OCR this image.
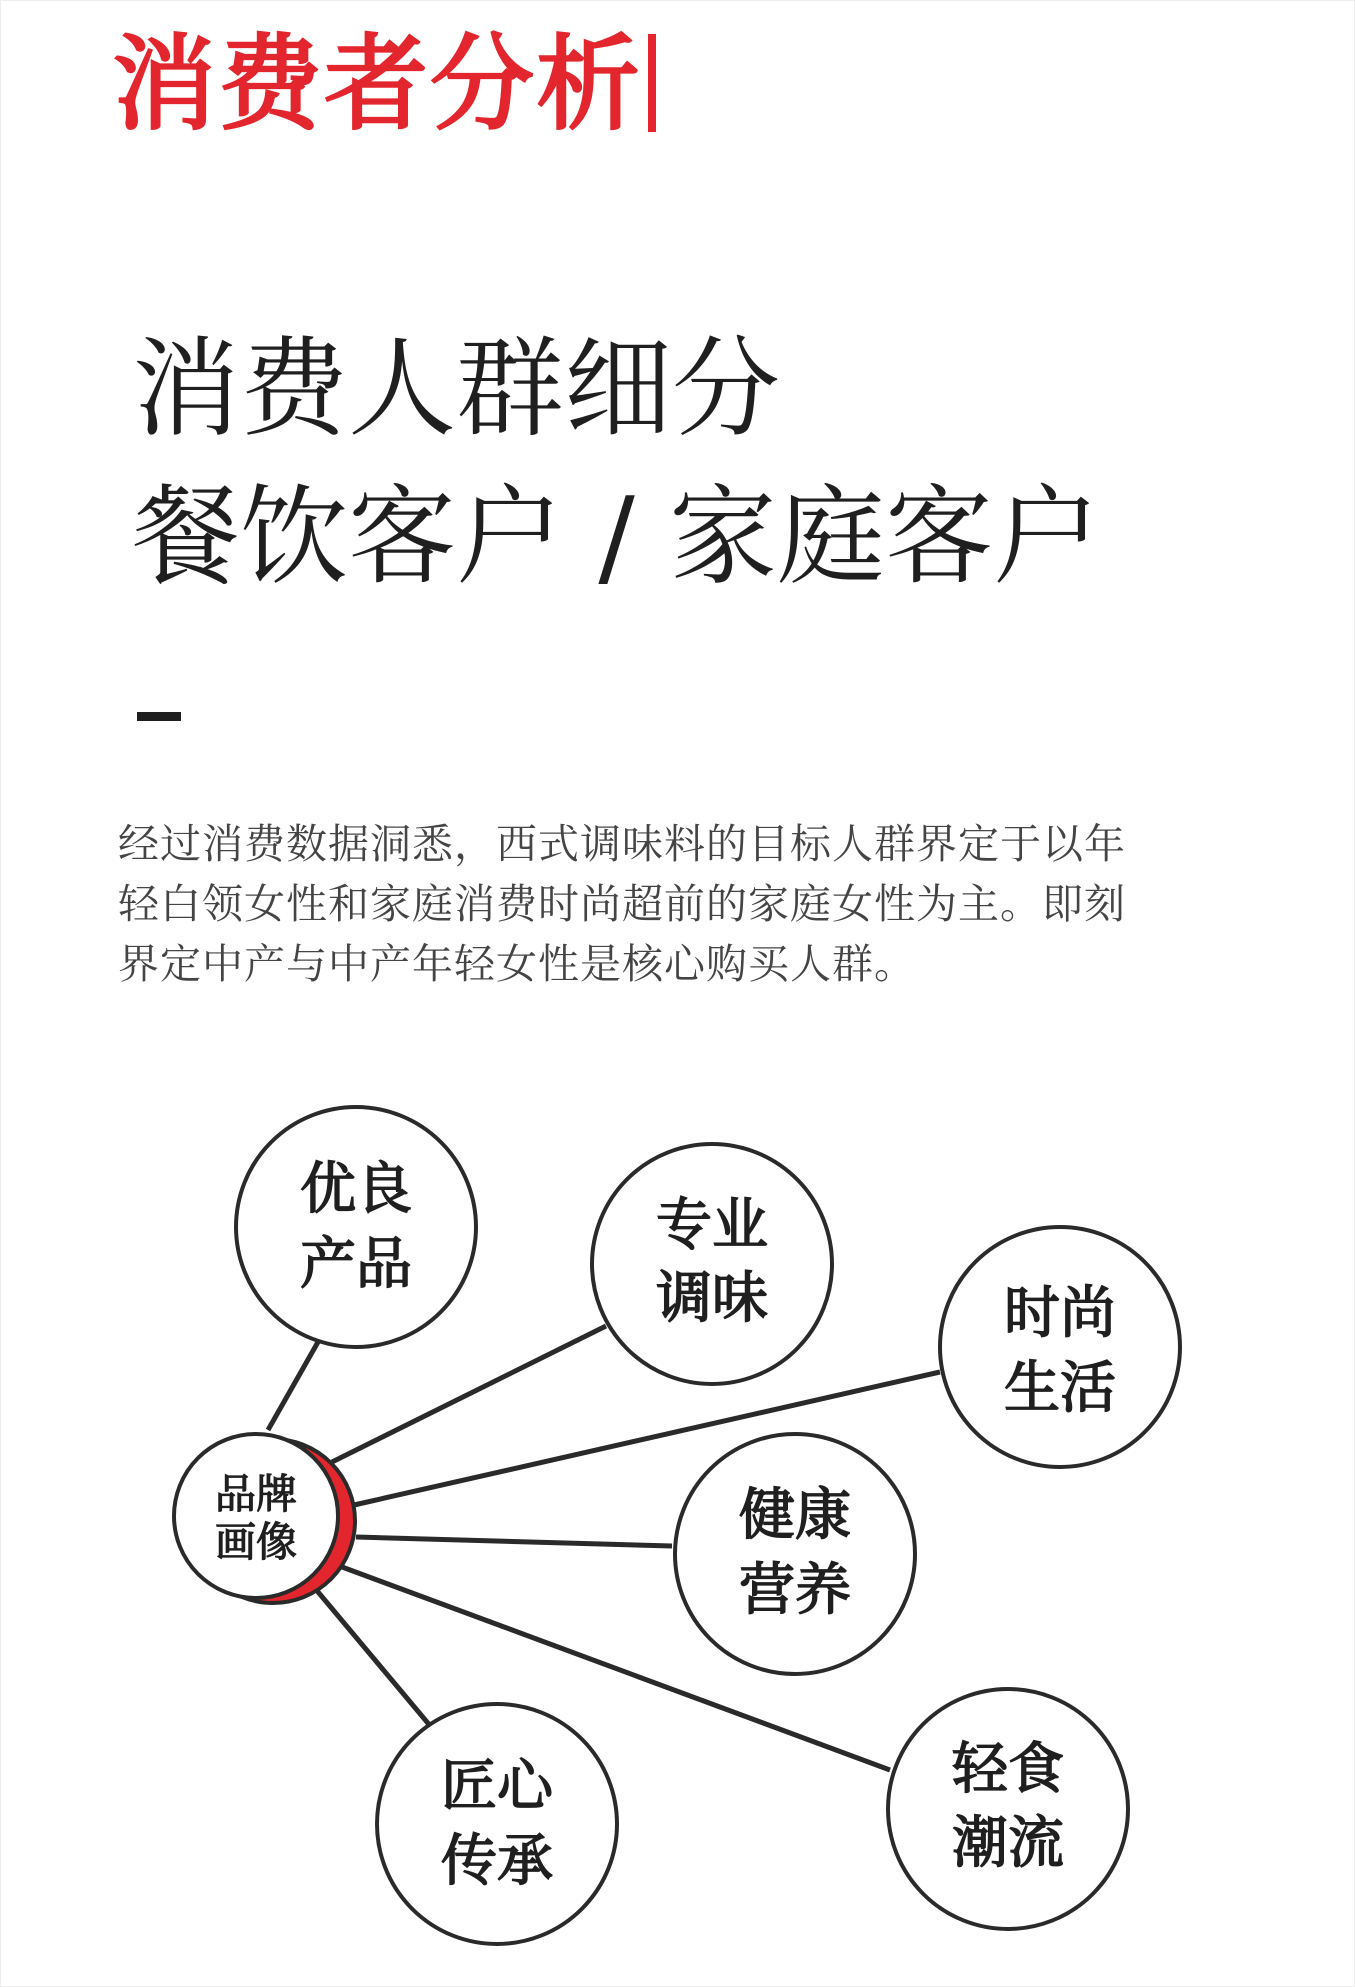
消费者分析
消费人群细分
餐饮客户 / 家庭客户
经过消费数据洞悉，西式调味料的目标人群界定于以年
轻白领女性和家庭消费时尚超前的家庭女性为主。即刻
界定中产与中产年轻女性是核心购买人群。
品牌
画像
优良
产品
专业
调味	时尚
生活
健康
营养
轻食
潮流
匠心
传承
